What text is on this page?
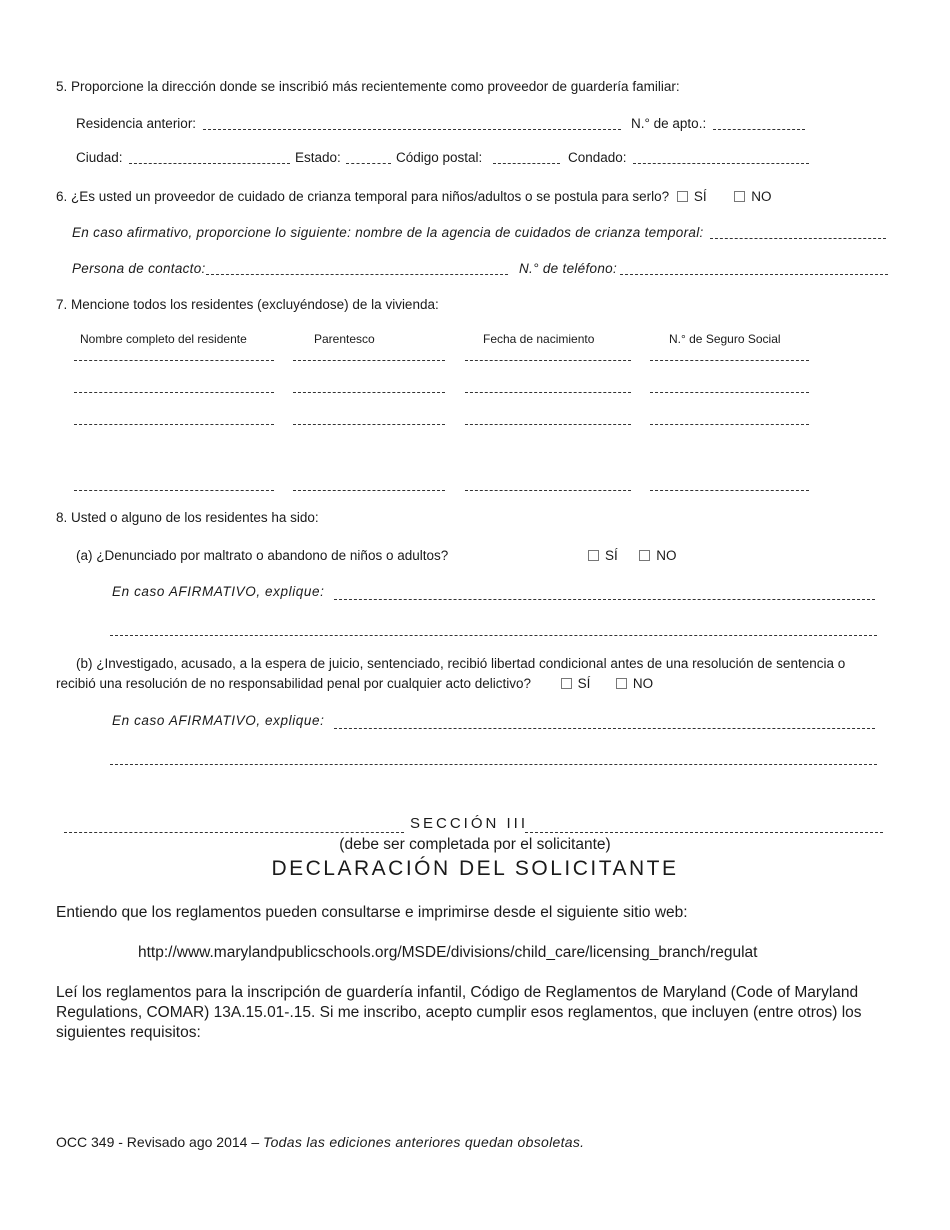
5. Proporcione la dirección donde se inscribió más recientemente como proveedor de guardería familiar:
Residencia anterior:	N.° de apto.:
Ciudad:	Estado:	Código postal:	Condado:
6. ¿Es usted un proveedor de cuidado de crianza temporal para niños/adultos o se postula para serlo? SÍ	NO
En caso afirmativo, proporcione lo siguiente: nombre de la agencia de cuidados de crianza temporal:
Persona de contacto:	N.° de teléfono:
7. Mencione todos los residentes (excluyéndose) de la vivienda:
Nombre completo del residente	Parentesco	Fecha de nacimiento	N.° de Seguro Social
8. Usted o alguno de los residentes ha sido:
(a) ¿Denunciado por maltrato o abandono de niños o adultos?	SÍ	NO
En caso AFIRMATIVO, explique:
(b) ¿Investigado, acusado, a la espera de juicio, sentenciado, recibió libertad condicional antes de una resolución de sentencia o
recibió una resolución de no responsabilidad penal por cualquier acto delictivo?	SÍ	NO
En caso AFIRMATIVO, explique:
SECCIÓN III
(debe ser completada por el solicitante)
DECLARACIÓN DEL SOLICITANTE
Entiendo que los reglamentos pueden consultarse e imprimirse desde el siguiente sitio web:
http://www.marylandpublicschools.org/MSDE/divisions/child_care/licensing_branch/regulat
Leí los reglamentos para la inscripción de guardería infantil, Código de Reglamentos de Maryland (Code of Maryland Regulations, COMAR) 13A.15.01-.15. Si me inscribo, acepto cumplir esos reglamentos, que incluyen (entre otros) los siguientes requisitos:
OCC 349 - Revisado ago 2014 – Todas las ediciones anteriores quedan obsoletas.
